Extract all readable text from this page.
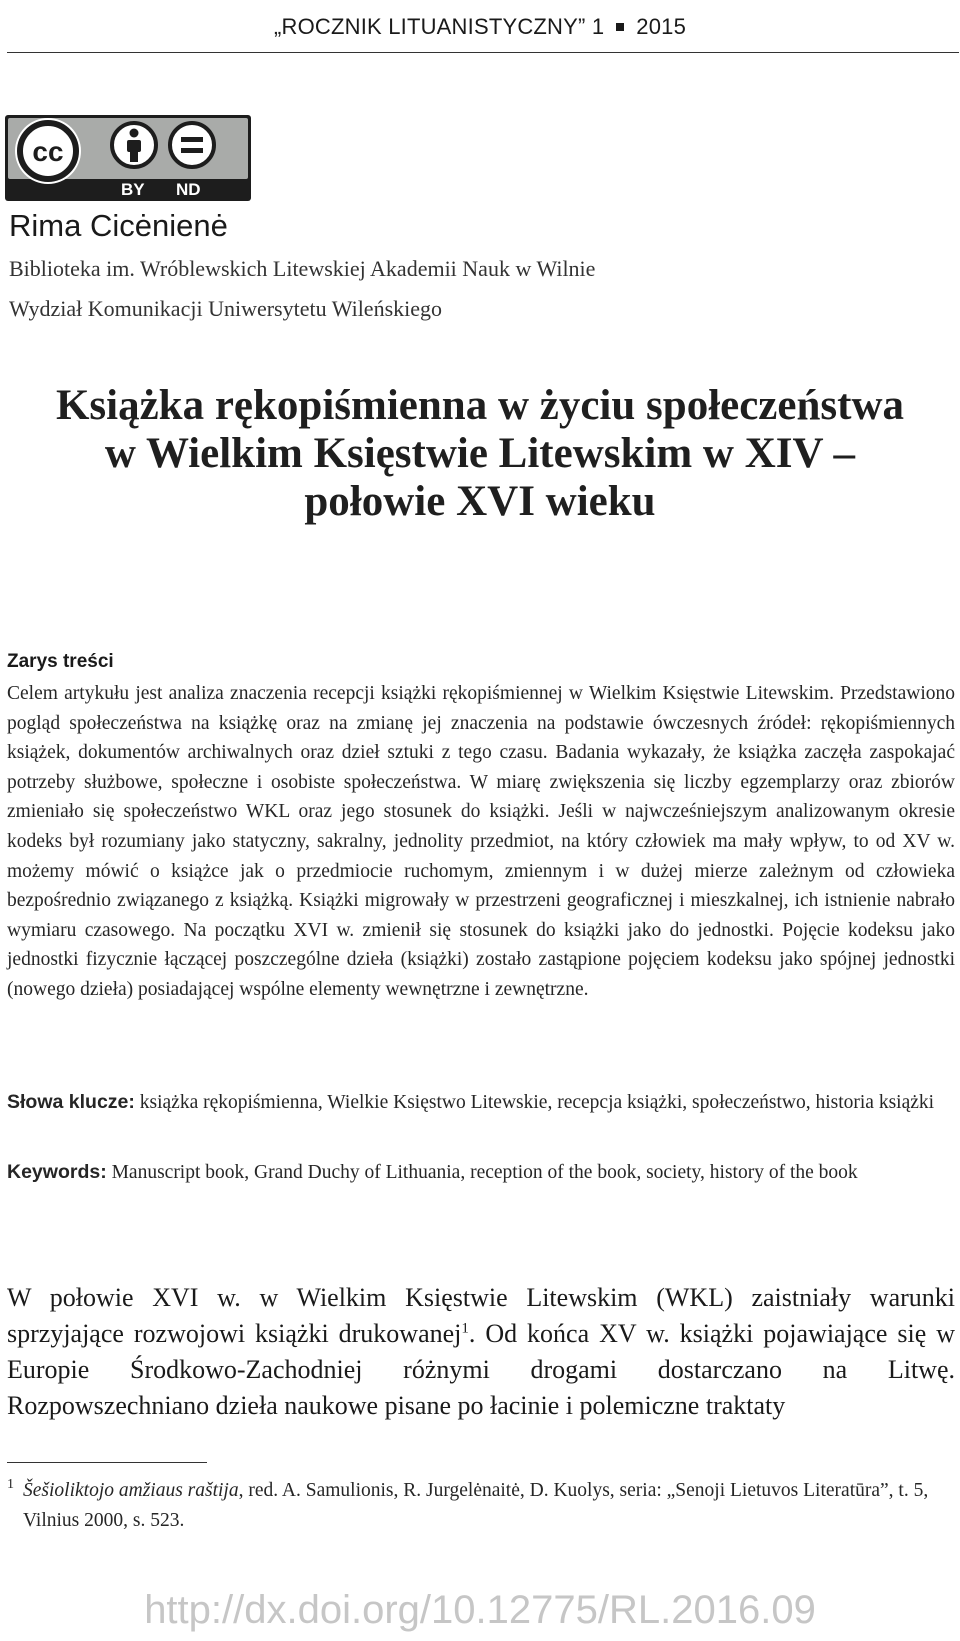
„ROCZNIK LITUANISTYCZNY” 1 2015
cc
BY ND
Rima Cicėnienė
Biblioteka im. Wróblewskich Litewskiej Akademii Nauk w Wilnie
Wydział Komunikacji Uniwersytetu Wileńskiego
Książka rękopiśmienna w życiu społeczeństwa
w Wielkim Księstwie Litewskim w XIV –
połowie XVI wieku
Zarys treści
Celem artykułu jest analiza znaczenia recepcji książki rękopiśmiennej w Wielkim Księstwie Litewskim. Przedstawiono pogląd społeczeństwa na książkę oraz na zmianę jej znaczenia na podstawie ówczesnych źródeł: rękopiśmiennych książek, dokumentów archiwalnych oraz dzieł sztuki z tego czasu. Badania wykazały, że książka zaczęła zaspokajać potrzeby służbowe, społeczne i osobiste społeczeństwa. W miarę zwiększenia się liczby egzemplarzy oraz zbiorów zmieniało się społeczeństwo WKL oraz jego stosunek do książki. Jeśli w najwcześniejszym analizowanym okresie kodeks był rozumiany jako statyczny, sakralny, jednolity przedmiot, na który człowiek ma mały wpływ, to od XV w. możemy mówić o książce jak o przedmiocie ruchomym, zmiennym i w dużej mierze zależnym od człowieka bezpośrednio związanego z książką. Książki migrowały w przestrzeni geograficznej i mieszkalnej, ich istnienie nabrało wymiaru czasowego. Na początku XVI w. zmienił się stosunek do książki jako do jednostki. Pojęcie kodeksu jako jednostki fizycznie łączącej poszczególne dzieła (książki) zostało zastąpione pojęciem kodeksu jako spójnej jednostki (nowego dzieła) posiadającej wspólne elementy wewnętrzne i zewnętrzne.
Słowa klucze: książka rękopiśmienna, Wielkie Księstwo Litewskie, recepcja książki, społeczeństwo, historia książki
Keywords: Manuscript book, Grand Duchy of Lithuania, reception of the book, society, history of the book
W połowie XVI w. w Wielkim Księstwie Litewskim (WKL) zaistniały warunki sprzyjające rozwojowi książki drukowanej$^1$. Od końca XV w. książki pojawiające się w Europie Środkowo-Zachodniej różnymi drogami dostarczano na Litwę. Rozpowszechniano dzieła naukowe pisane po łacinie i polemiczne traktaty
1 Šešioliktojo amžiaus raštija, red. A. Samulionis, R. Jurgelėnaitė, D. Kuolys, seria: „Senoji Lietuvos Literatūra”, t. 5, Vilnius 2000, s. 523.
http://dx.doi.org/10.12775/RL.2016.09
